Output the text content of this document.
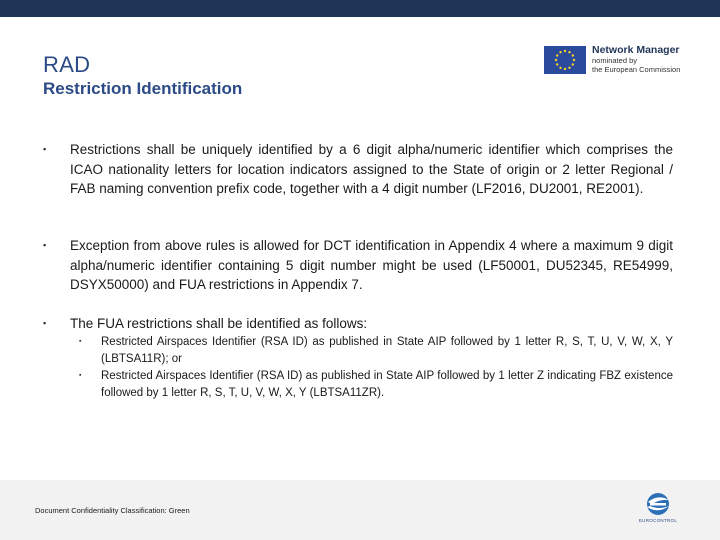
RAD
Restriction Identification
Network Manager
nominated by
the European Commission
▪ Restrictions shall be uniquely identified by a 6 digit alpha/numeric identifier which comprises the ICAO nationality letters for location indicators assigned to the State of origin or 2 letter Regional / FAB naming convention prefix code, together with a 4 digit number (LF2016, DU2001, RE2001).
▪ Exception from above rules is allowed for DCT identification in Appendix 4 where a maximum 9 digit alpha/numeric identifier containing 5 digit number might be used (LF50001, DU52345, RE54999, DSYX50000) and FUA restrictions in Appendix 7.
▪ The FUA restrictions shall be identified as follows:
▪ Restricted Airspaces Identifier (RSA ID) as published in State AIP followed by 1 letter R, S, T, U, V, W, X, Y (LBTSA11R); or
▪ Restricted Airspaces Identifier (RSA ID) as published in State AIP followed by 1 letter Z indicating FBZ existence followed by 1 letter R, S, T, U, V, W, X, Y (LBTSA11ZR).
Document Confidentiality Classification: Green
EUROCONTROL
